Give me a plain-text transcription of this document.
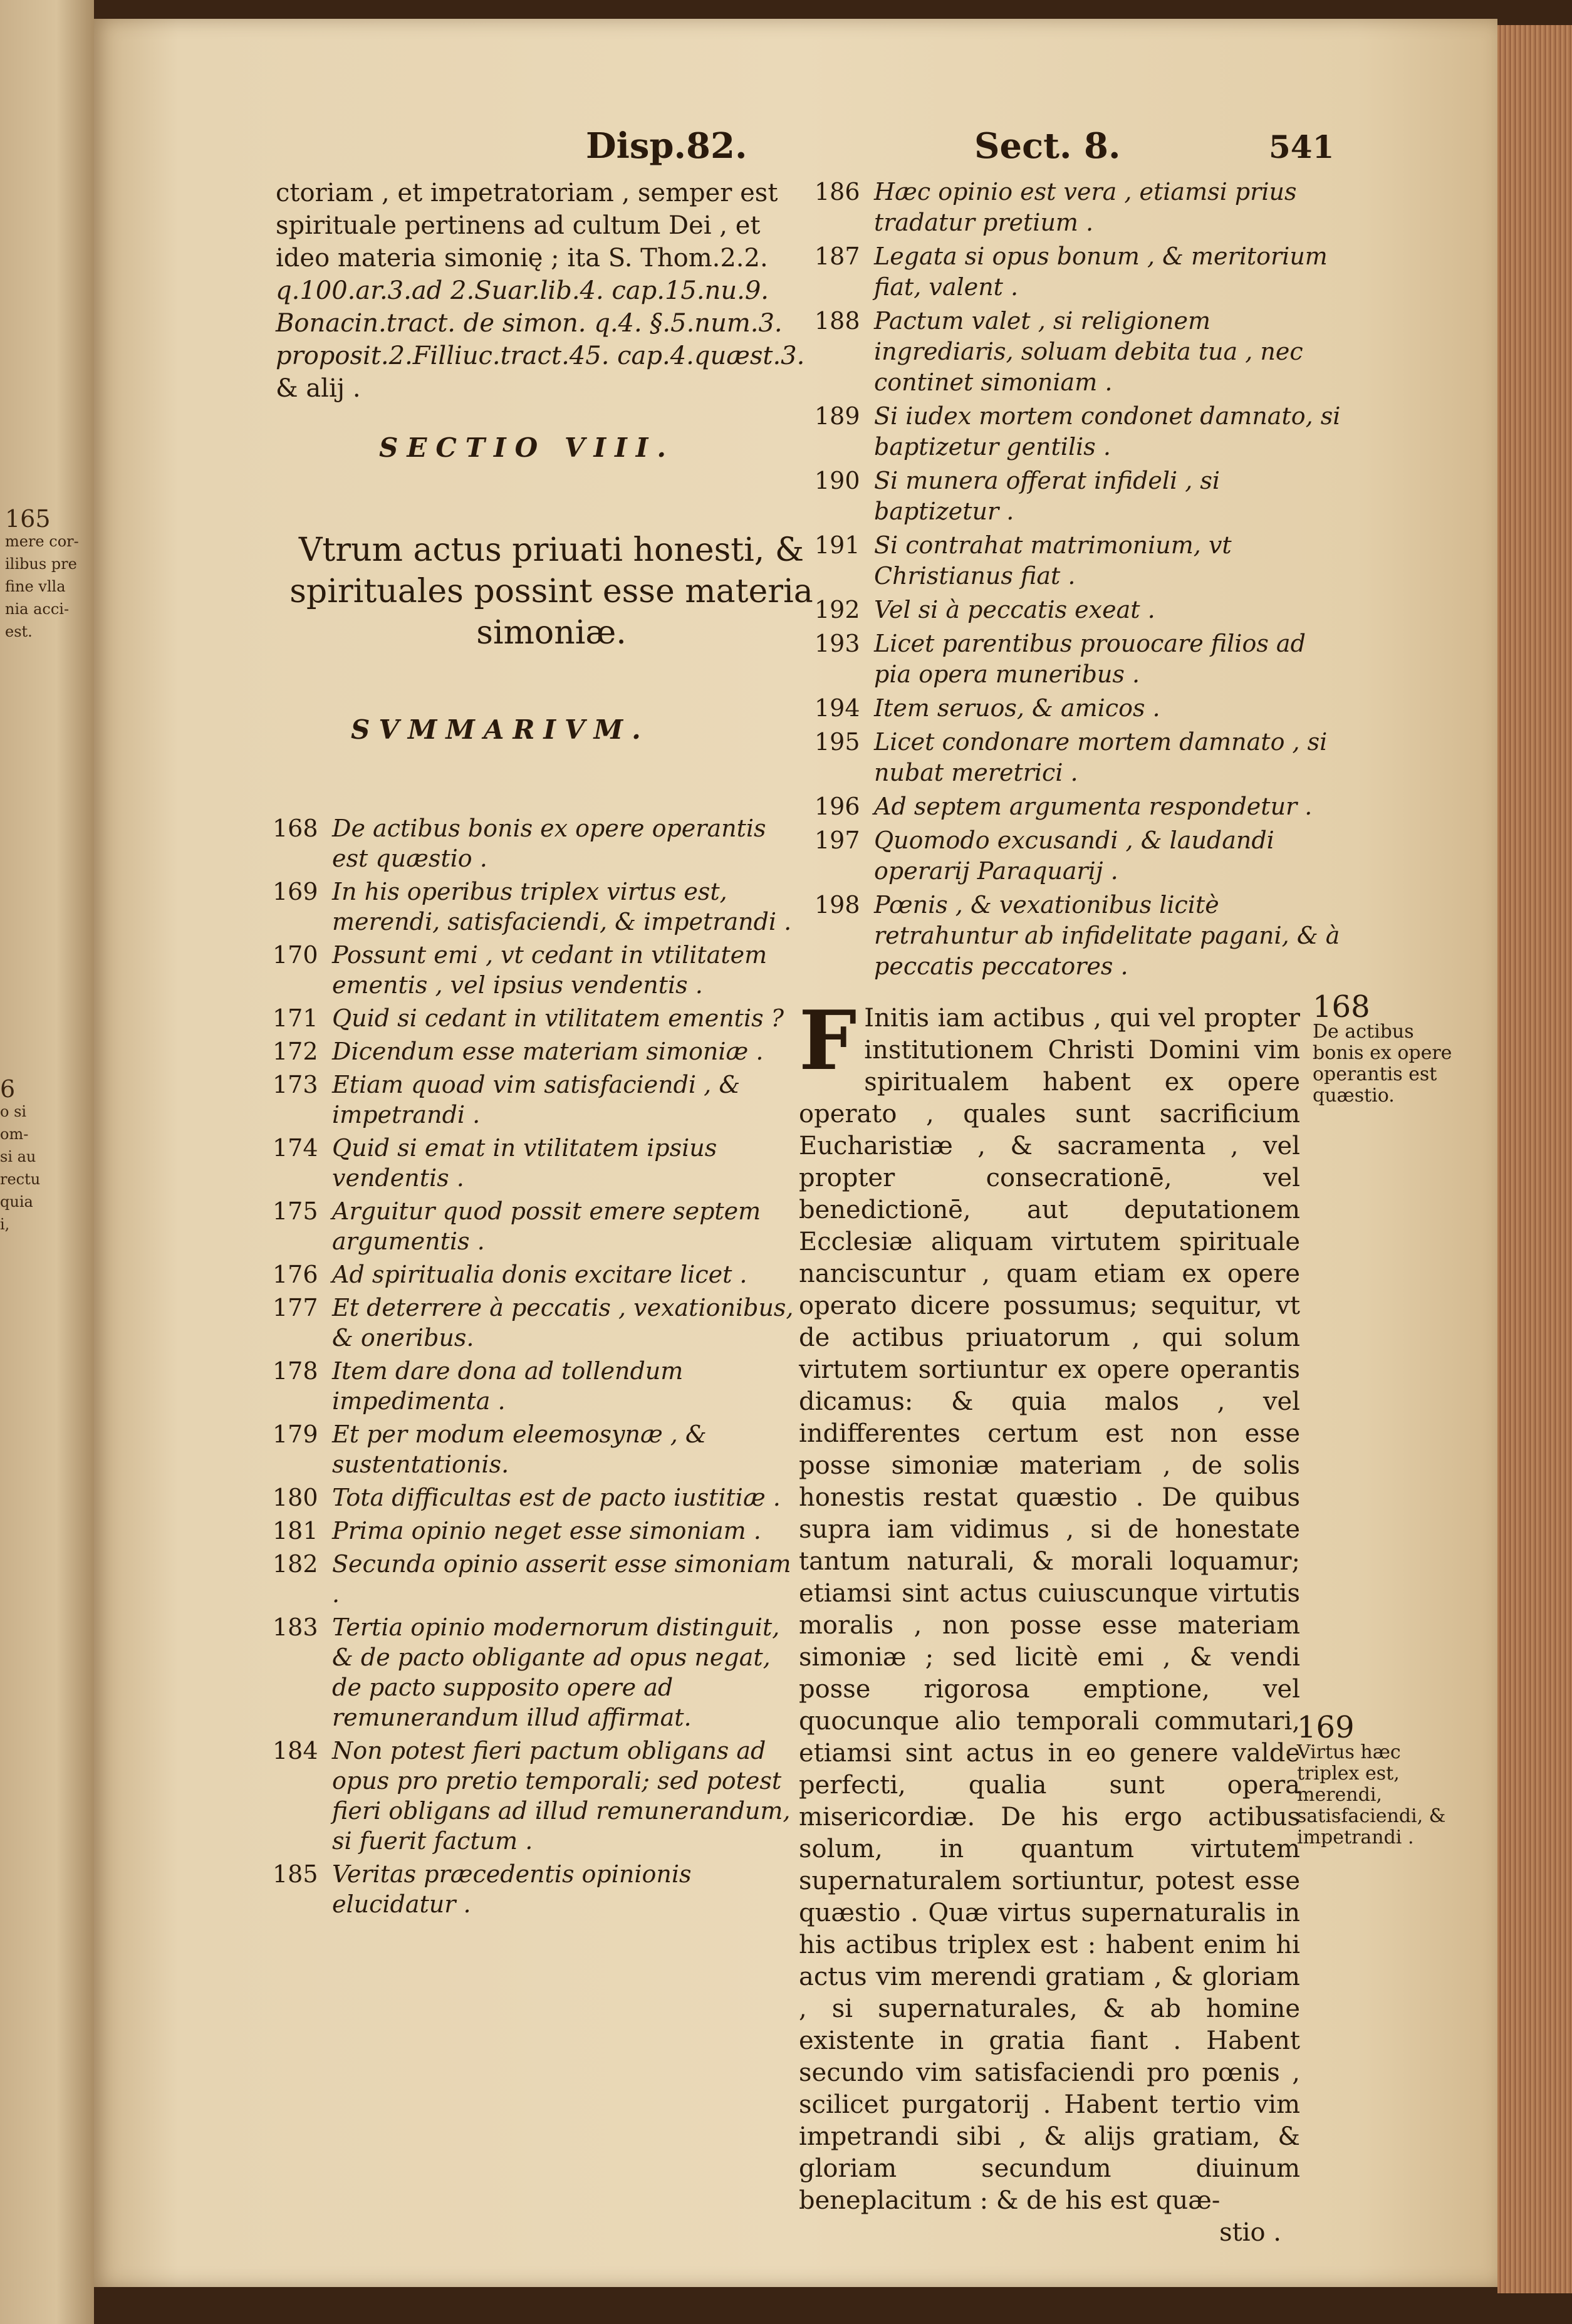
165
mere cor-
ilibus pre
fine vlla
nia acci-
est.
6
o si
om-
si au
rectu
quia
i,
Disp.82.	Sect. 8.	541
ctoriam , et impetratoriam , semper est
spirituale pertinens ad cultum Dei , et
ideo materia simonię ; ita S. Thom.2.2.
q.100.ar.3.ad 2.Suar.lib.4. cap.15.nu.9.
Bonacin.tract. de simon. q.4. §.5.num.3.
proposit.2.Filliuc.tract.45. cap.4.quæst.3.
& alij .
SECTIO VIII.
Vtrum actus priuati honesti, & spirituales possint esse materia simoniæ.
SVMMARIVM.
168 De actibus bonis ex opere operantis est quæstio .
169 In his operibus triplex virtus est, merendi, satisfaciendi, & impetrandi .
170 Possunt emi , vt cedant in vtilitatem ementis , vel ipsius vendentis .
171 Quid si cedant in vtilitatem ementis ?
172 Dicendum esse materiam simoniæ .
173 Etiam quoad vim satisfaciendi , & impetrandi .
174 Quid si emat in vtilitatem ipsius vendentis .
175 Arguitur quod possit emere septem argumentis .
176 Ad spiritualia donis excitare licet .
177 Et deterrere à peccatis , vexationibus, & oneribus.
178 Item dare dona ad tollendum impedimenta .
179 Et per modum eleemosynæ , & sustentationis.
180 Tota difficultas est de pacto iustitiæ .
181 Prima opinio neget esse simoniam .
182 Secunda opinio asserit esse simoniam .
183 Tertia opinio modernorum distinguit, & de pacto obligante ad opus negat, de pacto supposito opere ad remunerandum illud affirmat.
184 Non potest fieri pactum obligans ad opus pro pretio temporali; sed potest fieri obligans ad illud remunerandum, si fuerit factum .
185 Veritas præcedentis opinionis elucidatur .
186 Hæc opinio est vera , etiamsi prius tradatur pretium .
187 Legata si opus bonum , & meritorium fiat, valent .
188 Pactum valet , si religionem ingrediaris, soluam debita tua , nec continet simoniam .
189 Si iudex mortem condonet damnato, si baptizetur gentilis .
190 Si munera offerat infideli , si baptizetur .
191 Si contrahat matrimonium, vt Christianus fiat .
192 Vel si à peccatis exeat .
193 Licet parentibus prouocare filios ad pia opera muneribus .
194 Item seruos, & amicos .
195 Licet condonare mortem damnato , si nubat meretrici .
196 Ad septem argumenta respondetur .
197 Quomodo excusandi , & laudandi operarij Paraquarij .
198 Pœnis , & vexationibus licitè retrahuntur ab infidelitate pagani, & à peccatis peccatores .
F Initis iam actibus , qui vel propter institutionem Christi Domini vim spiritualem habent ex opere operato , quales sunt sacrificium Eucharistiæ , & sacramenta , vel propter consecrationē, vel benedictionē, aut deputationem Ecclesiæ aliquam virtutem spirituale nanciscuntur , quam etiam ex opere operato dicere possumus; sequitur, vt de actibus priuatorum , qui solum virtutem sortiuntur ex opere operantis dicamus: & quia malos , vel indifferentes certum est non esse posse simoniæ materiam , de solis honestis restat quæstio . De quibus supra iam vidimus , si de honestate tantum naturali, & morali loquamur; etiamsi sint actus cuiuscunque virtutis moralis , non posse esse materiam simoniæ ; sed licitè emi , & vendi posse rigorosa emptione, vel quocunque alio temporali commutari, etiamsi sint actus in eo genere valde perfecti, qualia sunt opera misericordiæ. De his ergo actibus solum, in quantum virtutem supernaturalem sortiuntur, potest esse quæstio . Quæ virtus supernaturalis in his actibus triplex est : habent enim hi actus vim merendi gratiam , & gloriam , si supernaturales, & ab homine existente in gratia fiant . Habent secundo vim satisfaciendi pro pœnis , scilicet purgatorij . Habent tertio vim impetrandi sibi , & alijs gratiam, & gloriam secundum diuinum beneplacitum : & de his est quæ-
stio .
168
De actibus bonis ex opere operantis est quæstio.
169
Virtus hæc triplex est, merendi, satisfaciendi, & impetrandi .
